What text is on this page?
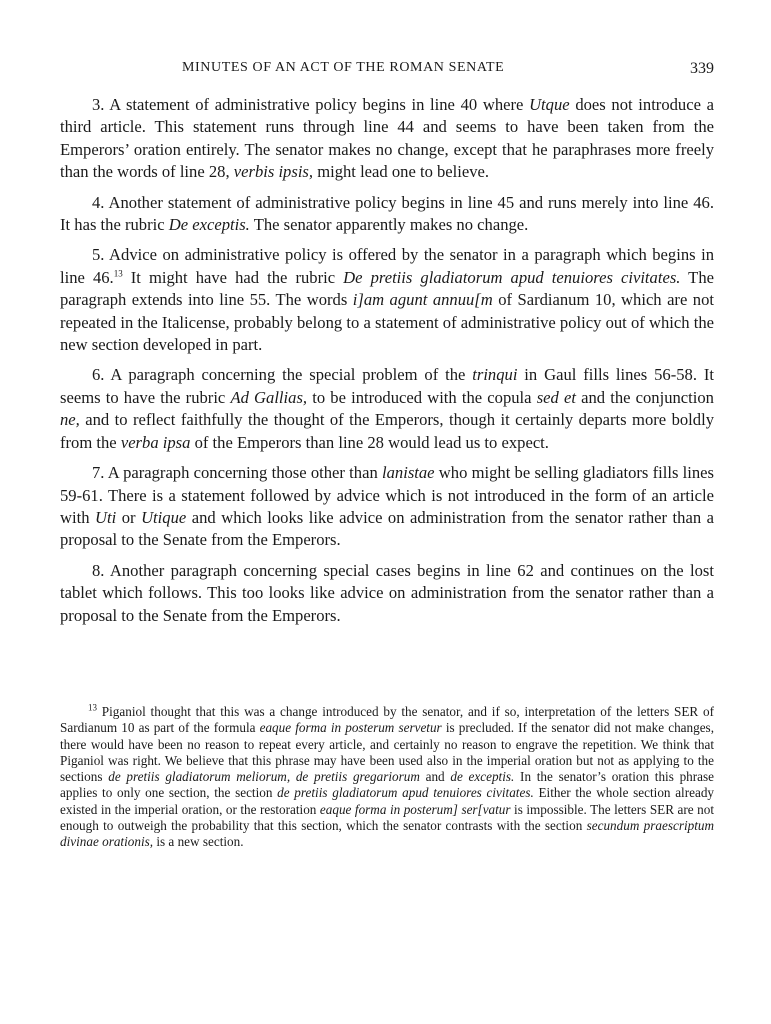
MINUTES OF AN ACT OF THE ROMAN SENATE	339

3. A statement of administrative policy begins in line 40 where Utque does not introduce a third article. This statement runs through line 44 and seems to have been taken from the Emperors’ oration entirely. The senator makes no change, except that he paraphrases more freely than the words of line 28, verbis ipsis, might lead one to believe.

4. Another statement of administrative policy begins in line 45 and runs merely into line 46. It has the rubric De exceptis. The senator apparently makes no change.

5. Advice on administrative policy is offered by the senator in a paragraph which begins in line 46.13 It might have had the rubric De pretiis gladiatorum apud tenuiores civitates. The paragraph extends into line 55. The words i]am agunt annuu[m of Sardianum 10, which are not repeated in the Italicense, probably belong to a statement of administrative policy out of which the new section developed in part.

6. A paragraph concerning the special problem of the trinqui in Gaul fills lines 56-58. It seems to have the rubric Ad Gallias, to be introduced with the copula sed et and the conjunction ne, and to reflect faithfully the thought of the Emperors, though it certainly departs more boldly from the verba ipsa of the Emperors than line 28 would lead us to expect.

7. A paragraph concerning those other than lanistae who might be selling gladiators fills lines 59-61. There is a statement followed by advice which is not introduced in the form of an article with Uti or Utique and which looks like advice on administration from the senator rather than a proposal to the Senate from the Emperors.

8. Another paragraph concerning special cases begins in line 62 and continues on the lost tablet which follows. This too looks like advice on administration from the senator rather than a proposal to the Senate from the Emperors.

$^{13}$ Piganiol thought that this was a change introduced by the senator, and if so, interpretation of the letters SER of Sardianum 10 as part of the formula eaque forma in posterum servetur is precluded. If the senator did not make changes, there would have been no reason to repeat every article, and certainly no reason to engrave the repetition. We think that Piganiol was right. We believe that this phrase may have been used also in the imperial oration but not as applying to the sections de pretiis gladiatorum meliorum, de pretiis gregariorum and de exceptis. In the senator’s oration this phrase applies to only one section, the section de pretiis gladiatorum apud tenuiores civitates. Either the whole section already existed in the imperial oration, or the restoration eaque forma in posterum] ser[vatur is impossible. The letters SER are not enough to outweigh the probability that this section, which the senator contrasts with the section secundum praescriptum divinae orationis, is a new section.
